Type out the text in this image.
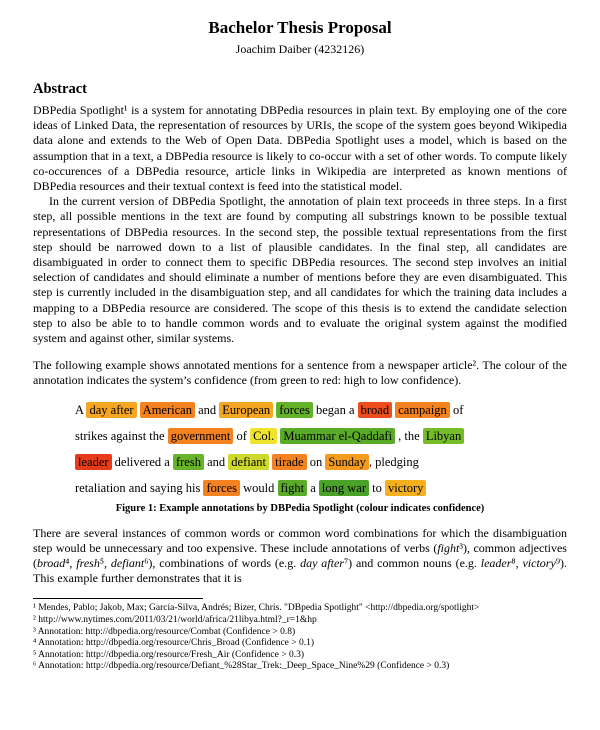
Bachelor Thesis Proposal
Joachim Daiber (4232126)
Abstract

DBPedia Spotlight¹ is a system for annotating DBPedia resources in plain text. By employing one of the core ideas of Linked Data, the representation of resources by URIs, the scope of the system goes beyond Wikipedia data alone and extends to the Web of Open Data. DBPedia Spotlight uses a model, which is based on the assumption that in a text, a DBPedia resource is likely to co-occur with a set of other words. To compute likely co-occurences of a DBPedia resource, article links in Wikipedia are interpreted as known mentions of DBPedia resources and their textual context is feed into the statistical model.

In the current version of DBPedia Spotlight, the annotation of plain text proceeds in three steps. In a first step, all possible mentions in the text are found by computing all substrings known to be possible textual representations of DBPedia resources. In the second step, the possible textual representations from the first step should be narrowed down to a list of plausible candidates. In the final step, all candidates are disambiguated in order to connect them to specific DBPedia resources. The second step involves an initial selection of candidates and should eliminate a number of mentions before they are even disambiguated. This step is currently included in the disambiguation step, and all candidates for which the training data includes a mapping to a DBPedia resource are considered. The scope of this thesis is to extend the candidate selection step to also be able to to handle common words and to evaluate the original system against the modified system and against other, similar systems.

The following example shows annotated mentions for a sentence from a newspaper article². The colour of the annotation indicates the system’s confidence (from green to red: high to low confidence).

A day after American and European forces began a broad campaign of
strikes against the government of Col. Muammar el-Qaddafi , the Libyan
leader delivered a fresh and defiant tirade on Sunday , pledging
retaliation and saying his forces would fight a long war to victory
Figure 1: Example annotations by DBPedia Spotlight (colour indicates confidence)

There are several instances of common words or common word combinations for which the disambiguation step would be unnecessary and too expensive. These include annotations of verbs (fight³), common adjectives (broad⁴, fresh⁵, defiant⁶), combinations of words (e.g. day after⁷) and common nouns (e.g. leader⁸, victory⁹). This example further demonstrates that it is

¹ Mendes, Pablo; Jakob, Max; García-Silva, Andrés; Bizer, Chris. "DBpedia Spotlight" <http://dbpedia.org/spotlight>
² http://www.nytimes.com/2011/03/21/world/africa/21libya.html?_r=1&hp
³ Annotation: http://dbpedia.org/resource/Combat (Confidence > 0.8)
⁴ Annotation: http://dbpedia.org/resource/Chris_Broad (Confidence > 0.1)
⁵ Annotation: http://dbpedia.org/resource/Fresh_Air (Confidence > 0.3)
⁶ Annotation: http://dbpedia.org/resource/Defiant_%28Star_Trek:_Deep_Space_Nine%29 (Confidence > 0.3)
